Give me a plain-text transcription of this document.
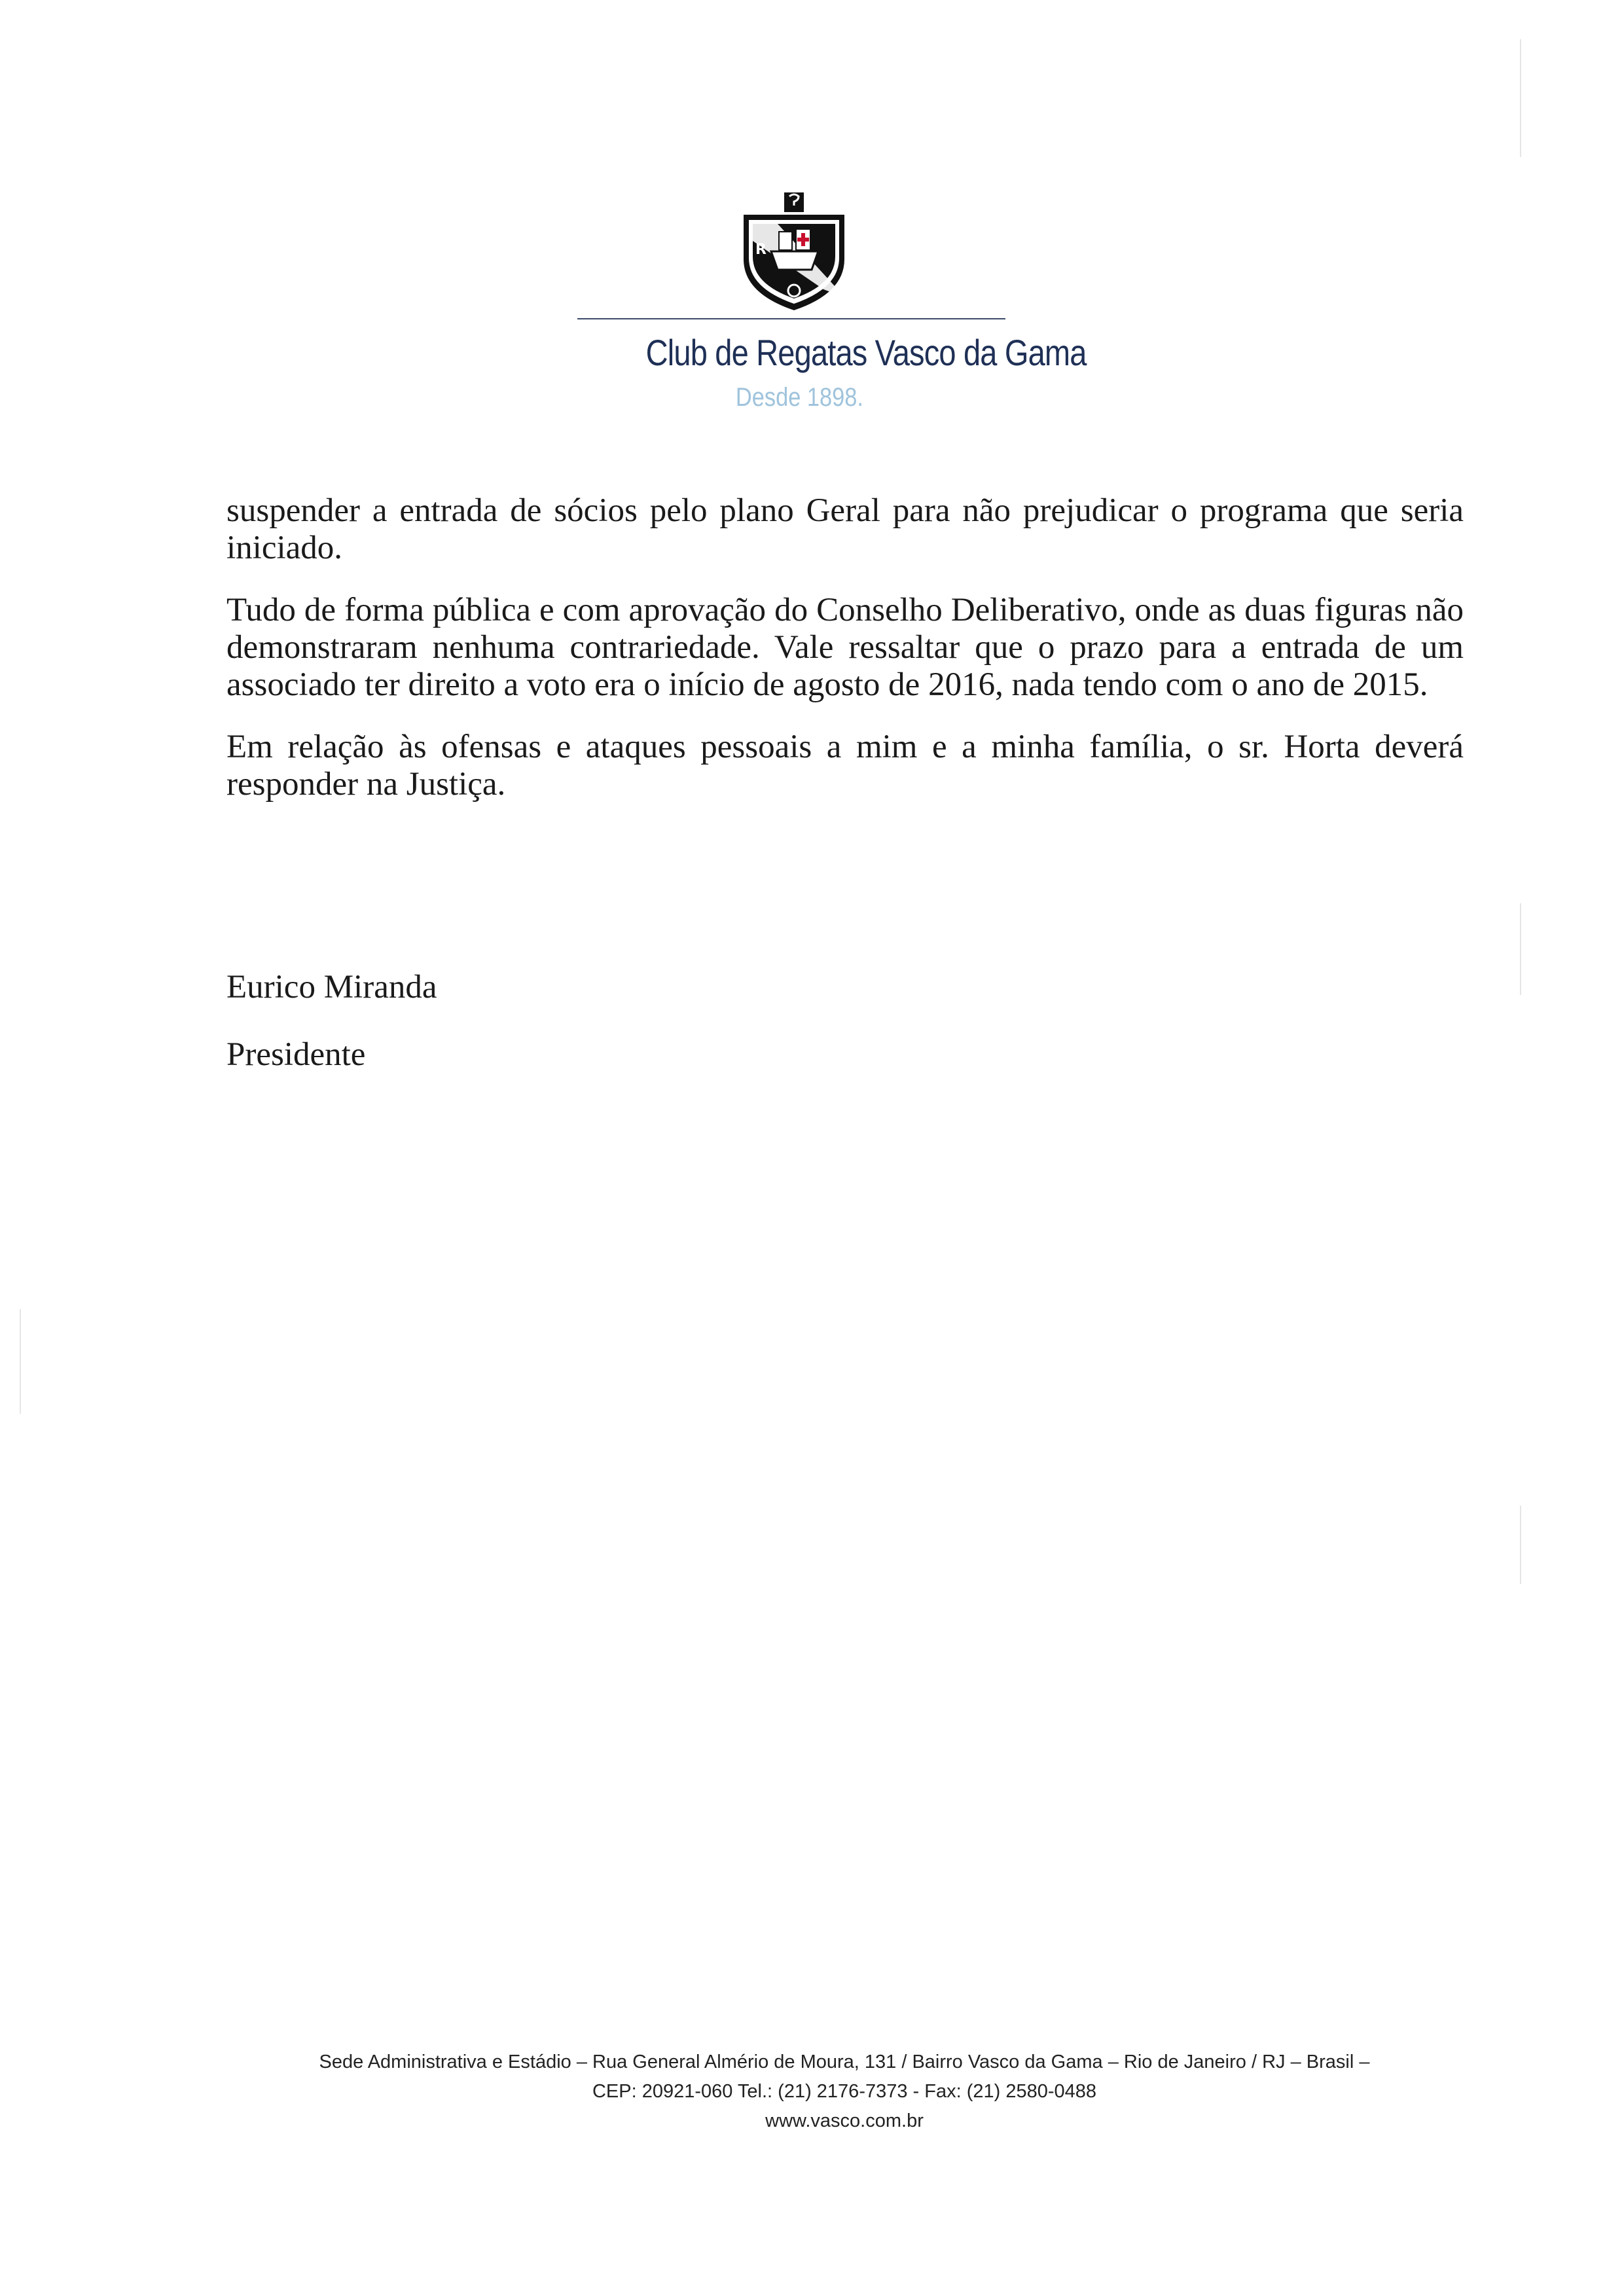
R
Club de Regatas Vasco da Gama
Desde 1898.

suspender a entrada de sócios pelo plano Geral para não prejudicar o programa que seria iniciado.

Tudo de forma pública e com aprovação do Conselho Deliberativo, onde as duas figuras não demonstraram nenhuma contrariedade. Vale ressaltar que o prazo para a entrada de um associado ter direito a voto era o início de agosto de 2016, nada tendo com o ano de 2015.

Em relação às ofensas e ataques pessoais a mim e a minha família, o sr. Horta deverá responder na Justiça.

Eurico Miranda
Presidente
Sede Administrativa e Estádio – Rua General Almério de Moura, 131 / Bairro Vasco da Gama – Rio de Janeiro / RJ – Brasil –
CEP: 20921-060 Tel.: (21) 2176-7373 - Fax: (21) 2580-0488
www.vasco.com.br
